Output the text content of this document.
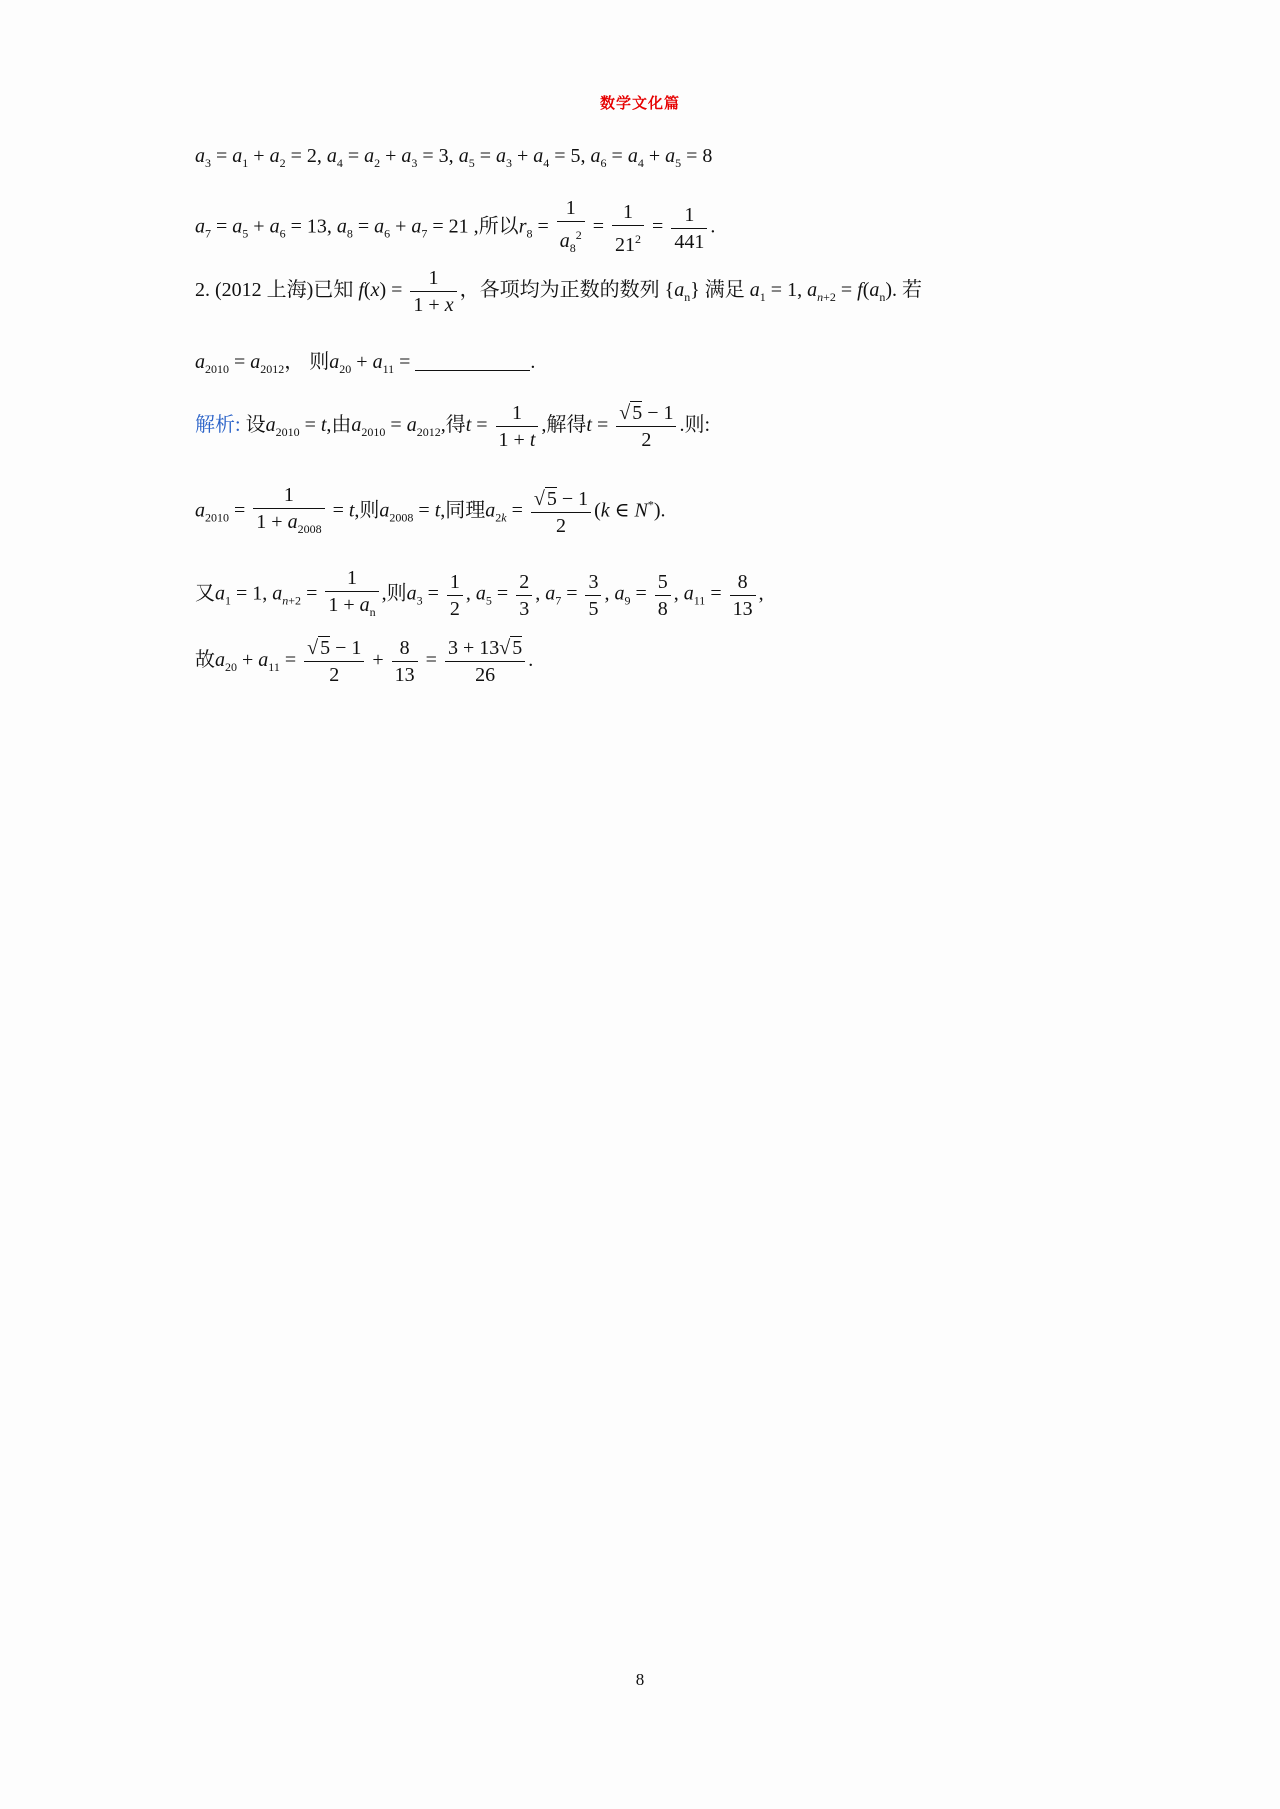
数学文化篇
$a_3 = a_1 + a_2 = 2$, $a_4 = a_2 + a_3 = 3$, $a_5 = a_3 + a_4 = 5$, $a_6 = a_4 + a_5 = 8$
$a_7 = a_5 + a_6 = 13$, $a_8 = a_6 + a_7 = 21$ ,所以$r_8 = \frac{1}{a_8^2} = \frac{1}{21^2} = \frac{1}{441}$ .
2. (2012 上海)已知 $f(x) = \frac{1}{1 + x}$ ，各项均为正数的数列 $\{a_n\}$ 满足 $a_1 = 1$, $a_{n+2} = f(a_n)$. 若
$a_{2010} = a_{2012}$， 则$a_{20} + a_{11}$ =	.
解析: 设$a_{2010} = t$,由$a_{2010} = a_{2012}$,得$t = \frac{1}{1 + t}$ ,解得$t = \frac{√ 5 - 1}{2}$ .则:
$a_{2010} = \frac{1}{1 + a_{2008}} = t$,则$a_{2008} = t$,同理$a_{2k} = \frac{√ 5 - 1}{2} (k$ ∈ N*).
又$a_1 = 1$, $a_{n+2} = \frac{1}{1 + a_n}$ ,则$a_3 = \frac{1}{2}$ , $a_5 = \frac{2}{3}$ , $a_7 = \frac{3}{5}$ , $a_9 = \frac{5}{8}$ , $a_{11} = \frac{8}{13}$ ,
故$a_{20} + a_{11} = \frac{√ 5 - 1}{2} + \frac{8}{13} = \frac{3 + 13√ 5}{26}$ .
8
